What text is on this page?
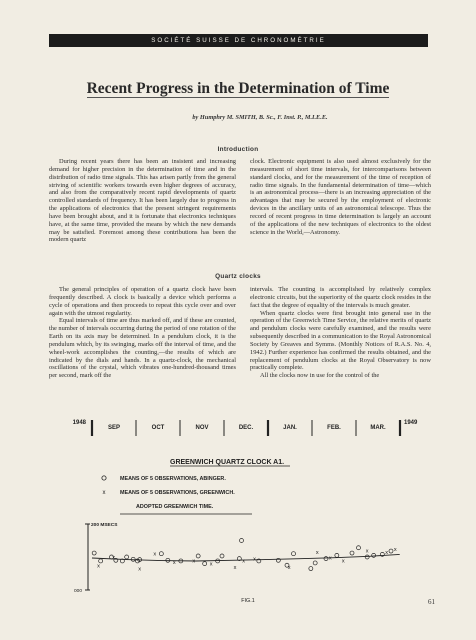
SOCIÉTÉ SUISSE DE CHRONOMÉTRIE
Recent Progress in the Determination of Time
by Humphry M. SMITH, B. Sc., F. Inst. P., M.I.E.E.
Introduction

During recent years there has been an insistent and increasing demand for higher precision in the determination of time and in the distribution of radio time signals. This has arisen partly from the general striving of scientific workers towards even higher degrees of accuracy, and also from the comparatively recent rapid developments of quartz controlled standards of frequency. It has been largely due to progress in the applications of electronics that the present stringent requirements have been brought about, and it is fortunate that electronics techniques have, at the same time, provided the means by which the new demands may be satisfied. Foremost among these contributions has been the modern quartz

clock. Electronic equipment is also used almost exclusively for the measurement of short time intervals, for intercomparisons between standard clocks, and for the measurement of the time of reception of radio time signals. In the fundamental determination of time—which is an astronomical process—there is an increasing appreciation of the advantages that may be secured by the employment of electronic devices in the ancillary units of an astronomical telescope. Thus the record of recent progress in time determination is largely an account of the applications of the new techniques of electronics to the oldest science in the World,—Astronomy.

Quartz clocks

The general principles of operation of a quartz clock have been frequently described. A clock is basically a device which performs a cycle of operations and then proceeds to repeat this cycle over and over again with the utmost regularity.

Equal intervals of time are thus marked off, and if these are counted, the number of intervals occurring during the period of one rotation of the Earth on its axis may be determined. In a pendulum clock, it is the pendulum which, by its swinging, marks off the interval of time, and the wheel-work accomplishes the counting,—the results of which are indicated by the dials and hands. In a quartz-clock, the mechanical oscillations of the crystal, which vibrates one-hundred-thousand times per second, mark off the

intervals. The counting is accomplished by relatively complex electronic circuits, but the superiority of the quartz clock resides in the fact that the degree of equality of the intervals is much greater.

When quartz clocks were first brought into general use in the operation of the Greenwich Time Service, the relative merits of quartz and pendulum clocks were carefully examined, and the results were subsequently described in a communication to the Royal Astronomical Society by Greaves and Symms. (Monthly Notices of R.A.S. No. 4, 1942.) Further experience has confirmed the results obtained, and the replacement of pendulum clocks at the Royal Observatory is now practically complete.

All the clocks now in use for the control of the

1948	1949
SEP	OCT	NOV	DEC.	JAN.	FEB.	MAR.
GREENWICH QUARTZ CLOCK A1.
MEANS OF 5 OBSERVATIONS, ABINGER.
x	MEANS OF 5 OBSERVATIONS, GREENWICH.
ADOPTED GREENWICH TIME.
200 MSECS
000
x
x
x
x
x	x
x
x
x x
x
x
x x
x	x
x
FIG.1	61
